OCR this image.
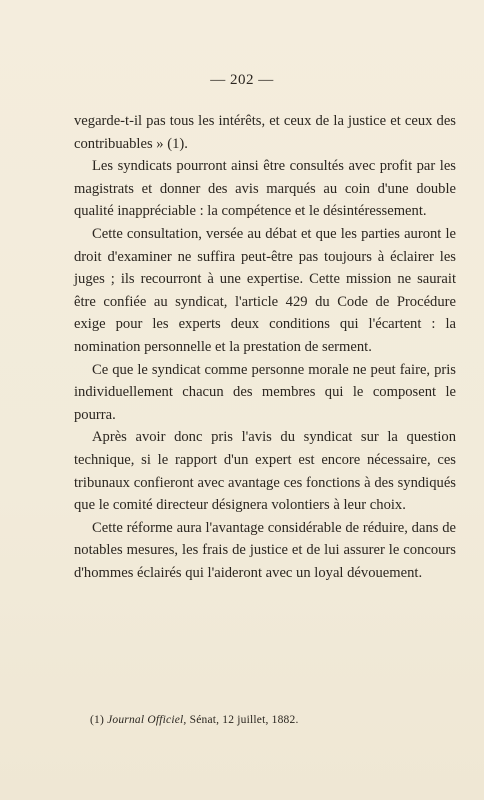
— 202 —

vegarde-t-il pas tous les intérêts, et ceux de la justice et ceux des contribuables » (1).

Les syndicats pourront ainsi être consultés avec profit par les magistrats et donner des avis marqués au coin d'une double qualité inappréciable : la compétence et le désintéressement.

Cette consultation, versée au débat et que les parties auront le droit d'examiner ne suffira peut-être pas toujours à éclairer les juges ; ils recourront à une expertise. Cette mission ne saurait être confiée au syndicat, l'article 429 du Code de Procédure exige pour les experts deux conditions qui l'écartent : la nomination personnelle et la prestation de serment.

Ce que le syndicat comme personne morale ne peut faire, pris individuellement chacun des membres qui le composent le pourra.

Après avoir donc pris l'avis du syndicat sur la question technique, si le rapport d'un expert est encore nécessaire, ces tribunaux confieront avec avantage ces fonctions à des syndiqués que le comité directeur désignera volontiers à leur choix.

Cette réforme aura l'avantage considérable de réduire, dans de notables mesures, les frais de justice et de lui assurer le concours d'hommes éclairés qui l'aideront avec un loyal dévouement.

(1) Journal Officiel, Sénat, 12 juillet, 1882.
